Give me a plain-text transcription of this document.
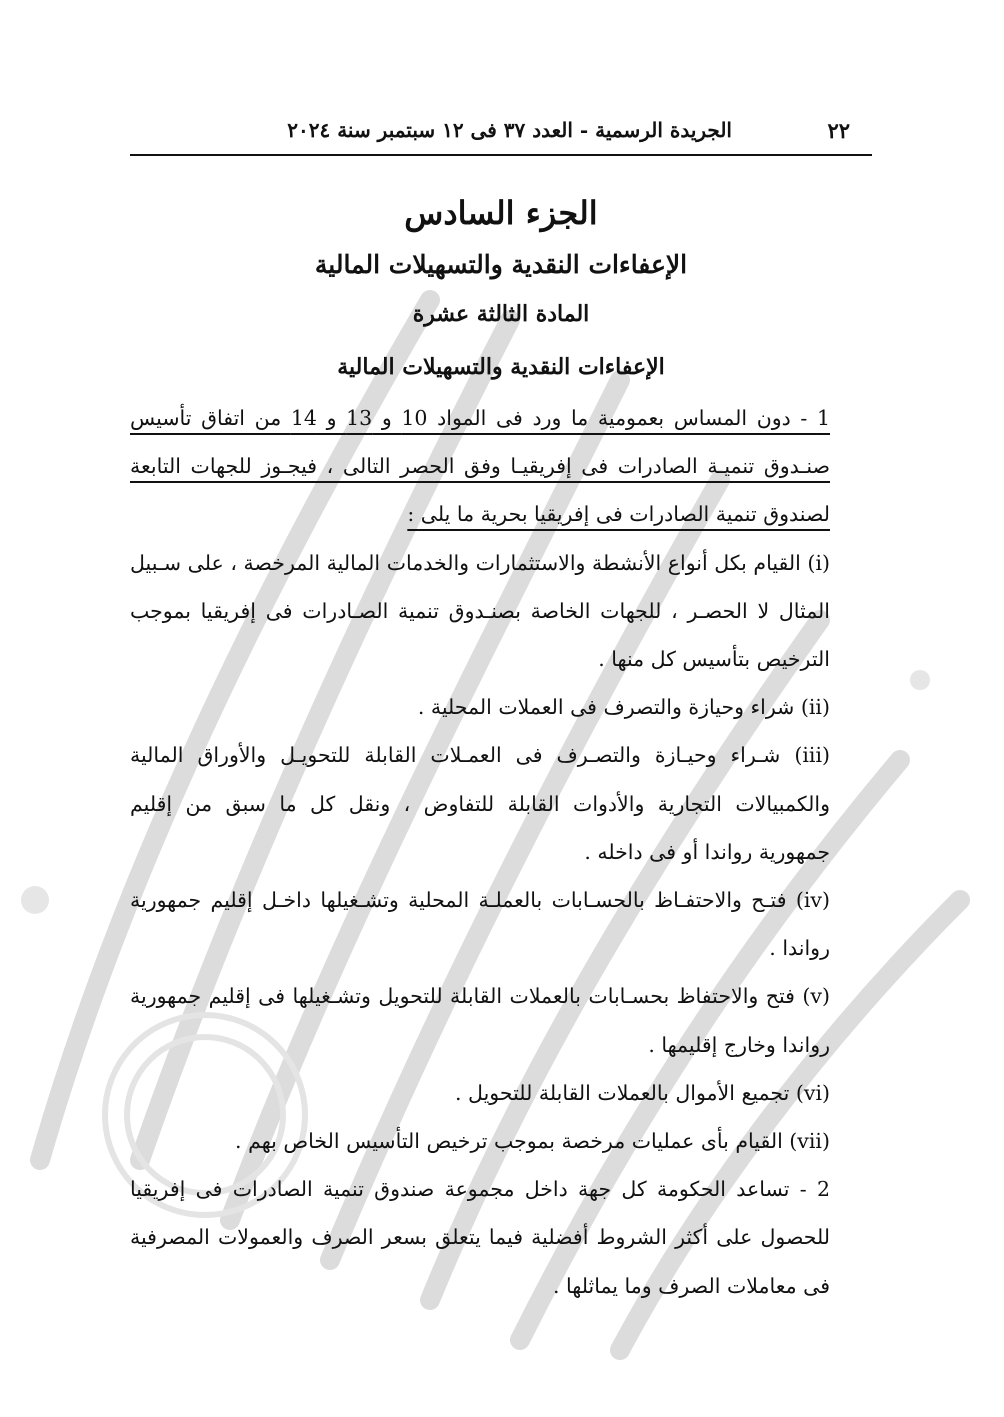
٢٢
الجريدة الرسمية - العدد ٣٧ فى ١٢ سبتمبر سنة ٢٠٢٤
الجزء السادس
الإعفاءات النقدية والتسهيلات المالية
المادة الثالثة عشرة
الإعفاءات النقدية والتسهيلات المالية

1 - دون المساس بعمومية ما ورد فى المواد 10 و 13 و 14 من اتفاق تأسيس صنـدوق تنميـة الصادرات فى إفريقيـا وفق الحصر التالى ، فيجـوز للجهات التابعة لصندوق تنمية الصادرات فى إفريقيا بحرية ما يلى :

(i) القيام بكل أنواع الأنشطة والاستثمارات والخدمات المالية المرخصة ، على سـبيل المثال لا الحصـر ، للجهات الخاصة بصنـدوق تنمية الصـادرات فى إفريقيا بموجب الترخيص بتأسيس كل منها .

(ii) شراء وحيازة والتصرف فى العملات المحلية .

(iii) شـراء وحيـازة والتصـرف فى العمـلات القابلة للتحويـل والأوراق المالية والكمبيالات التجارية والأدوات القابلة للتفاوض ، ونقل كل ما سبق من إقليم جمهورية رواندا أو فى داخله .

(iv) فتـح والاحتفـاظ بالحسـابات بالعملـة المحلية وتشـغيلها داخـل إقليم جمهورية رواندا .

(v) فتح والاحتفاظ بحسـابات بالعملات القابلة للتحويل وتشـغيلها فى إقليم جمهورية رواندا وخارج إقليمها .

(vi) تجميع الأموال بالعملات القابلة للتحويل .

(vii) القيام بأى عمليات مرخصة بموجب ترخيص التأسيس الخاص بهم .

2 - تساعد الحكومة كل جهة داخل مجموعة صندوق تنمية الصادرات فى إفريقيا للحصول على أكثر الشروط أفضلية فيما يتعلق بسعر الصرف والعمولات المصرفية فى معاملات الصرف وما يماثلها .
